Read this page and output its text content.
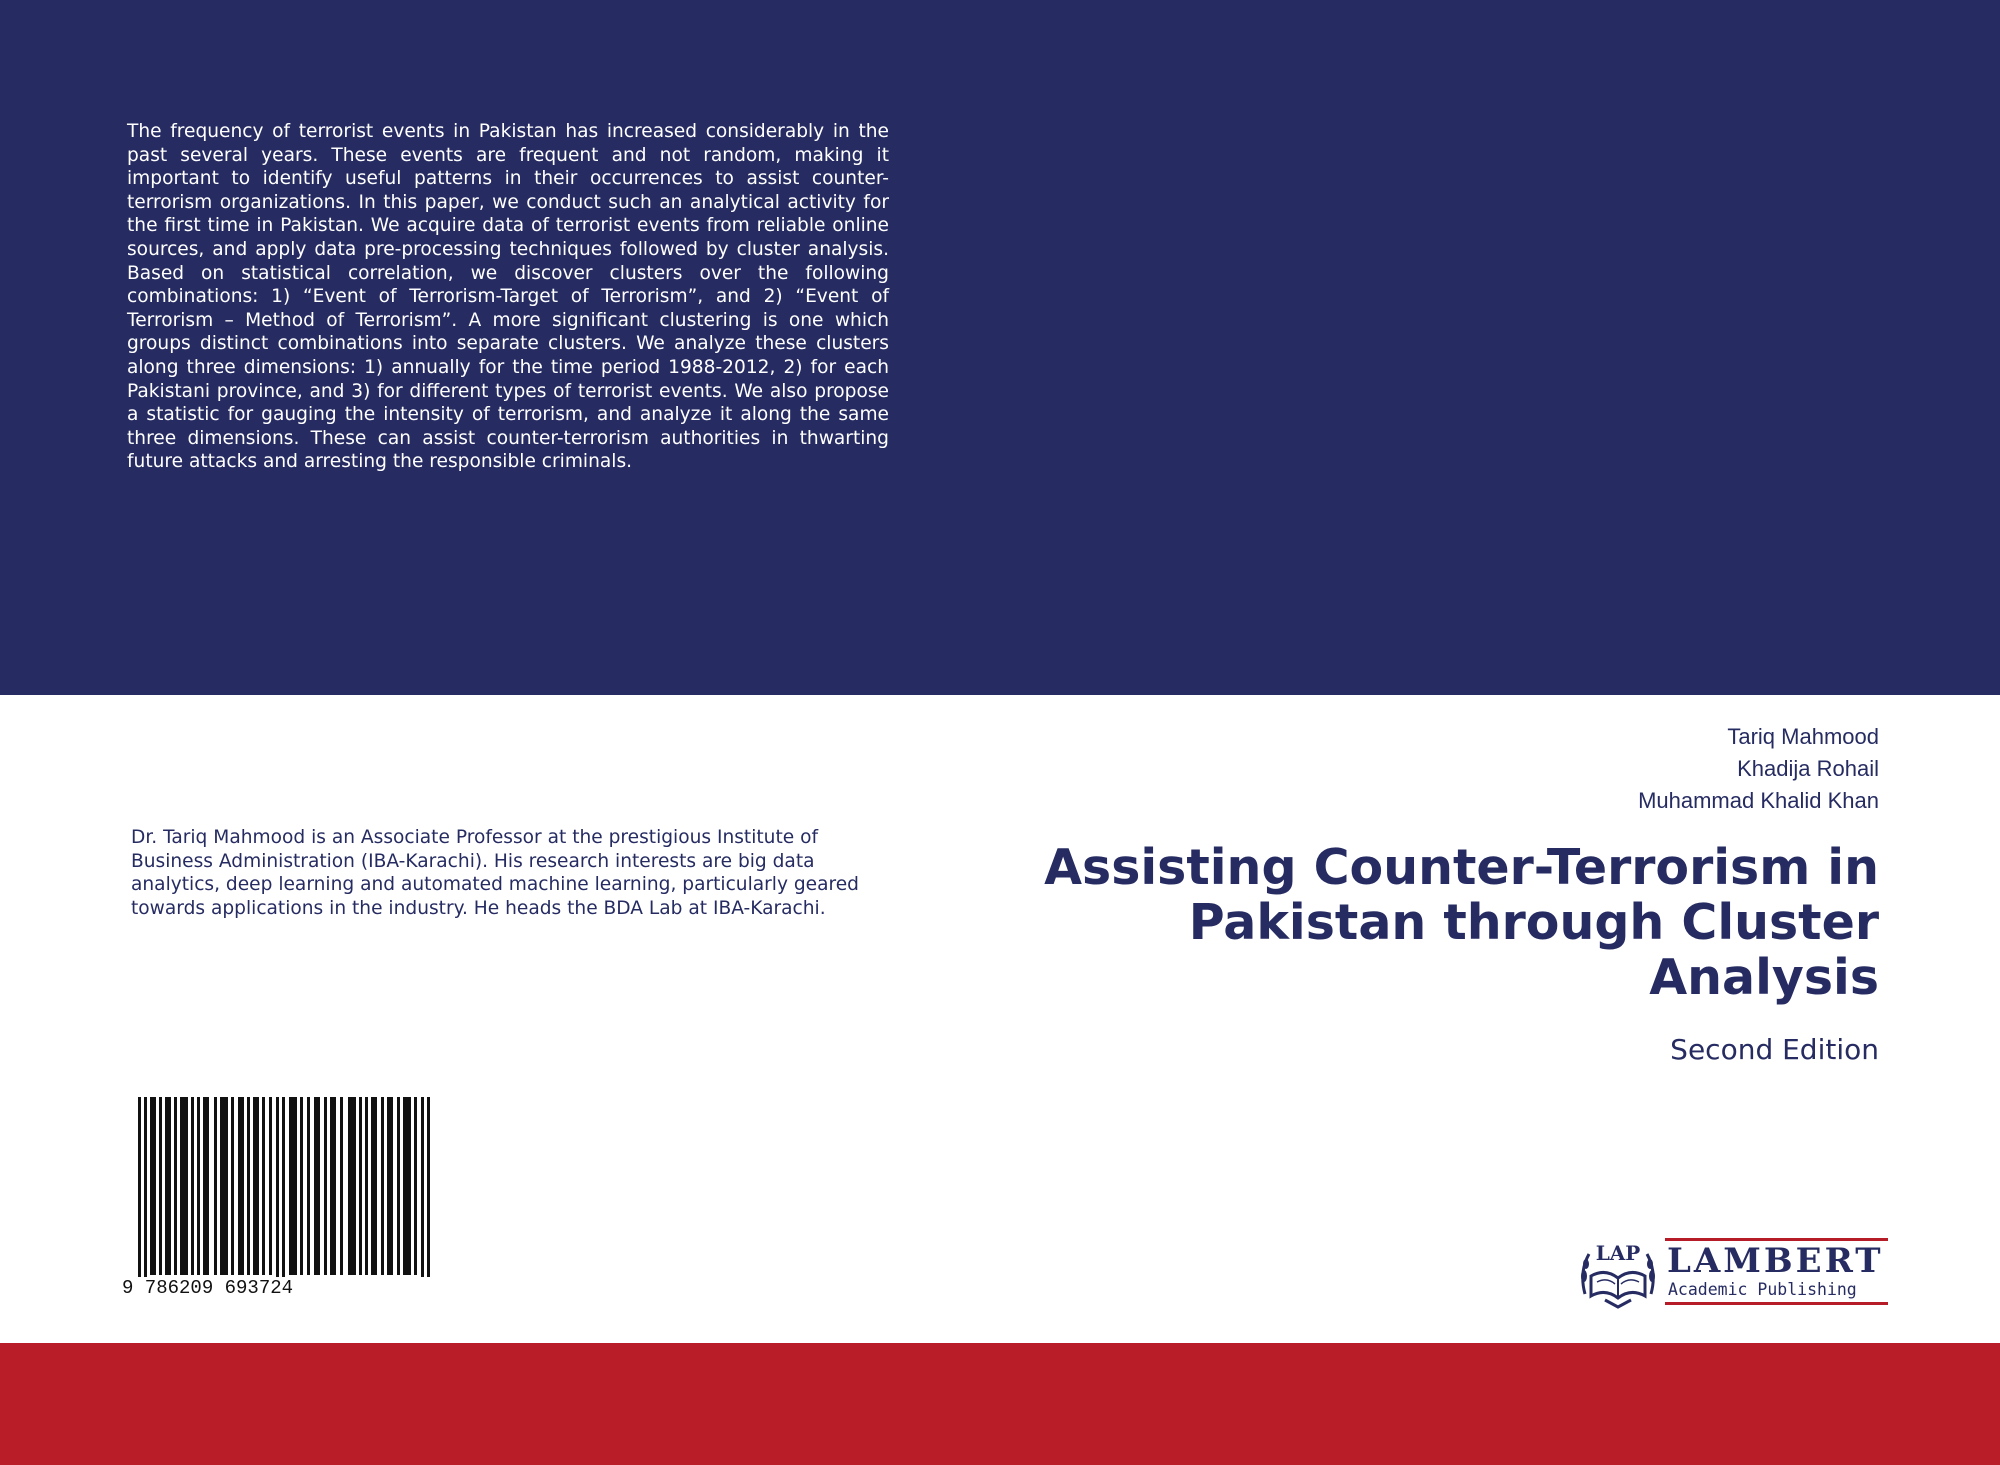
The frequency of terrorist events in Pakistan has increased considerably in the past several years. These events are frequent and not random, making it important to identify useful patterns in their occurrences to assist counter-terrorism organizations. In this paper, we conduct such an analytical activity for the first time in Pakistan. We acquire data of terrorist events from reliable online sources, and apply data pre-processing techniques followed by cluster analysis. Based on statistical correlation, we discover clusters over the following combinations: 1) “Event of Terrorism-Target of Terrorism”, and 2) “Event of Terrorism – Method of Terrorism”. A more significant clustering is one which groups distinct combinations into separate clusters. We analyze these clusters along three dimensions: 1) annually for the time period 1988-2012, 2) for each Pakistani province, and 3) for different types of terrorist events. We also propose a statistic for gauging the intensity of terrorism, and analyze it along the same three dimensions. These can assist counter-terrorism authorities in thwarting future attacks and arresting the responsible criminals.

Dr. Tariq Mahmood is an Associate Professor at the prestigious Institute of Business Administration (IBA-Karachi). His research interests are big data analytics, deep learning and automated machine learning, particularly geared towards applications in the industry. He heads the BDA Lab at IBA-Karachi.

Tariq Mahmood
Khadija Rohail
Muhammad Khalid Khan
Assisting Counter-Terrorism in Pakistan through Cluster Analysis
Second Edition
9 786209 693724
LAP LAMBERT
Academic Publishing
